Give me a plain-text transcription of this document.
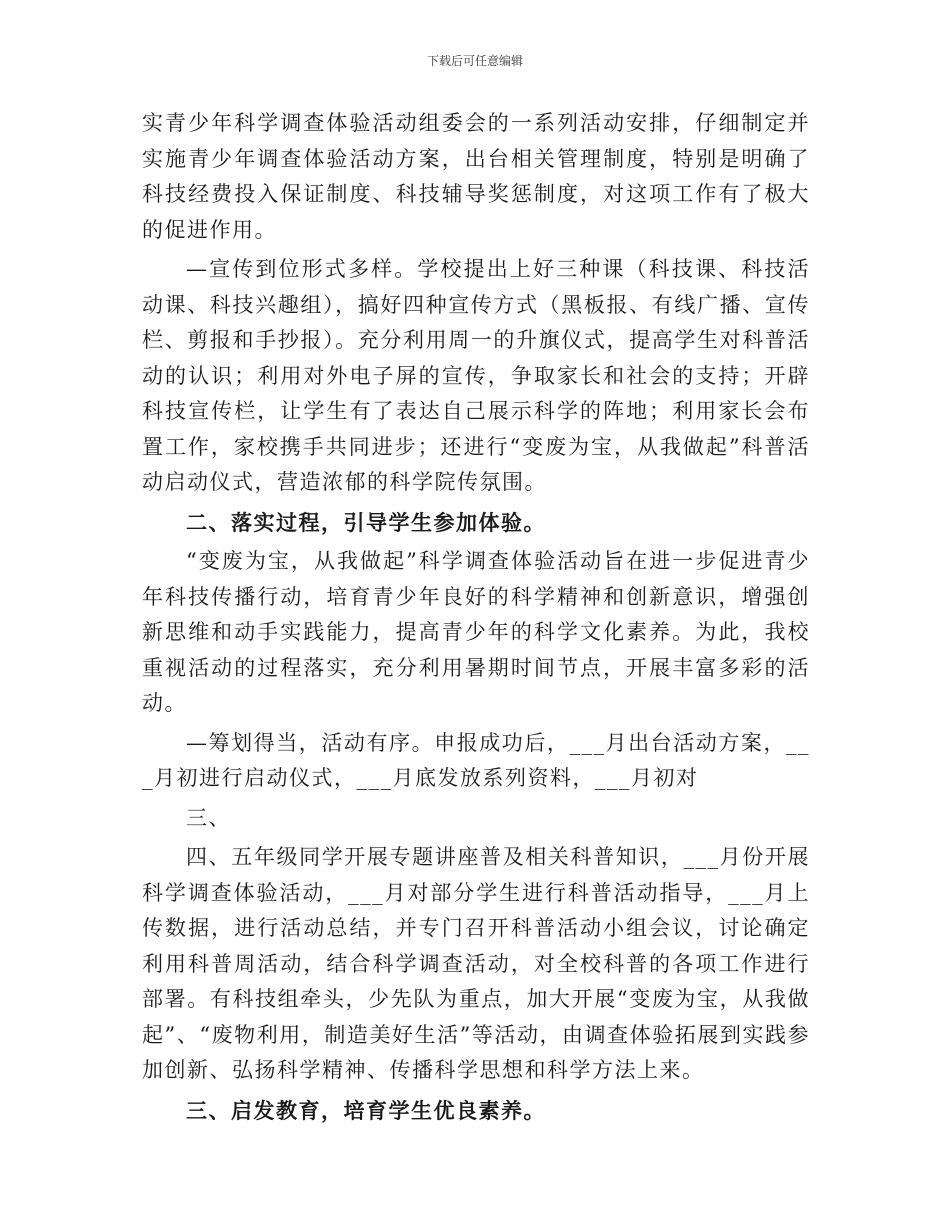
下载后可任意编辑

实青少年科学调查体验活动组委会的一系列活动安排，仔细制定并实施青少年调查体验活动方案，出台相关管理制度，特别是明确了科技经费投入保证制度、科技辅导奖惩制度，对这项工作有了极大的促进作用。

—宣传到位形式多样。学校提出上好三种课（科技课、科技活动课、科技兴趣组），搞好四种宣传方式（黑板报、有线广播、宣传栏、剪报和手抄报）。充分利用周一的升旗仪式，提高学生对科普活动的认识；利用对外电子屏的宣传，争取家长和社会的支持；开辟科技宣传栏，让学生有了表达自己展示科学的阵地；利用家长会布置工作，家校携手共同进步；还进行“变废为宝，从我做起”科普活动启动仪式，营造浓郁的科学院传氛围。

二、落实过程，引导学生参加体验。

“变废为宝，从我做起”科学调查体验活动旨在进一步促进青少年科技传播行动，培育青少年良好的科学精神和创新意识，增强创新思维和动手实践能力，提高青少年的科学文化素养。为此，我校重视活动的过程落实，充分利用暑期时间节点，开展丰富多彩的活动。

—筹划得当，活动有序。申报成功后，___月出台活动方案，___月初进行启动仪式，___月底发放系列资料，___月初对

三、

四、五年级同学开展专题讲座普及相关科普知识，___月份开展科学调查体验活动，___月对部分学生进行科普活动指导，___月上传数据，进行活动总结，并专门召开科普活动小组会议，讨论确定利用科普周活动，结合科学调查活动，对全校科普的各项工作进行部署。有科技组牵头，少先队为重点，加大开展“变废为宝，从我做起”、“废物利用，制造美好生活”等活动，由调查体验拓展到实践参加创新、弘扬科学精神、传播科学思想和科学方法上来。

三、启发教育，培育学生优良素养。
